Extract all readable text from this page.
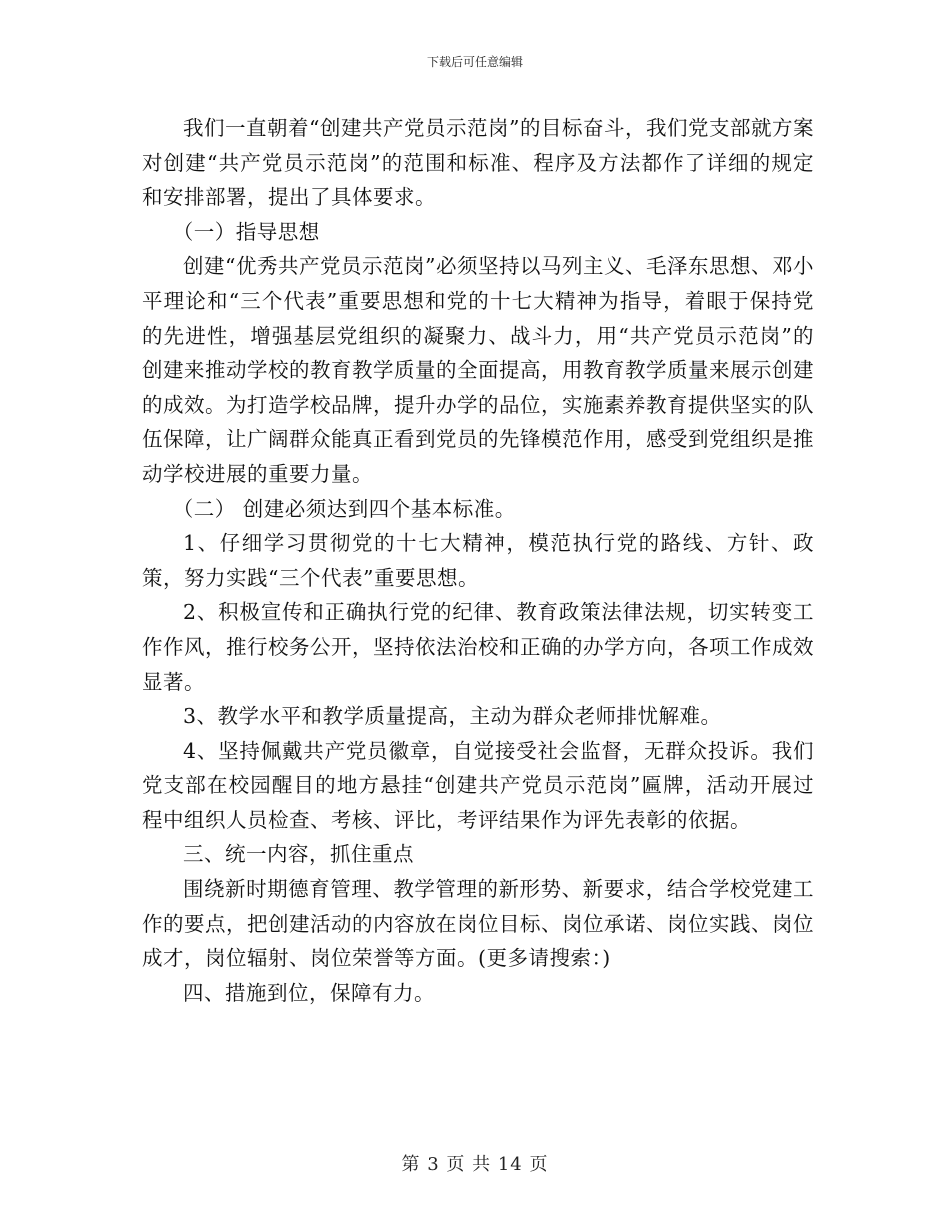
下载后可任意编辑

我们一直朝着“创建共产党员示范岗”的目标奋斗，我们党支部就方案对创建“共产党员示范岗”的范围和标准、程序及方法都作了详细的规定和安排部署，提出了具体要求。

（一）指导思想

创建“优秀共产党员示范岗”必须坚持以马列主义、毛泽东思想、邓小平理论和“三个代表”重要思想和党的十七大精神为指导，着眼于保持党的先进性，增强基层党组织的凝聚力、战斗力，用“共产党员示范岗”的创建来推动学校的教育教学质量的全面提高，用教育教学质量来展示创建的成效。为打造学校品牌，提升办学的品位，实施素养教育提供坚实的队伍保障，让广阔群众能真正看到党员的先锋模范作用，感受到党组织是推动学校进展的重要力量。

（二） 创建必须达到四个基本标准。

1、仔细学习贯彻党的十七大精神，模范执行党的路线、方针、政策，努力实践“三个代表”重要思想。

2、积极宣传和正确执行党的纪律、教育政策法律法规，切实转变工作作风，推行校务公开，坚持依法治校和正确的办学方向，各项工作成效显著。

3、教学水平和教学质量提高，主动为群众老师排忧解难。

4、坚持佩戴共产党员徽章，自觉接受社会监督，无群众投诉。我们党支部在校园醒目的地方悬挂“创建共产党员示范岗”匾牌，活动开展过程中组织人员检查、考核、评比，考评结果作为评先表彰的依据。

三、统一内容，抓住重点

围绕新时期德育管理、教学管理的新形势、新要求，结合学校党建工作的要点，把创建活动的内容放在岗位目标、岗位承诺、岗位实践、岗位成才，岗位辐射、岗位荣誉等方面。(更多请搜索：)

四、措施到位，保障有力。

第 3 页 共 14 页
